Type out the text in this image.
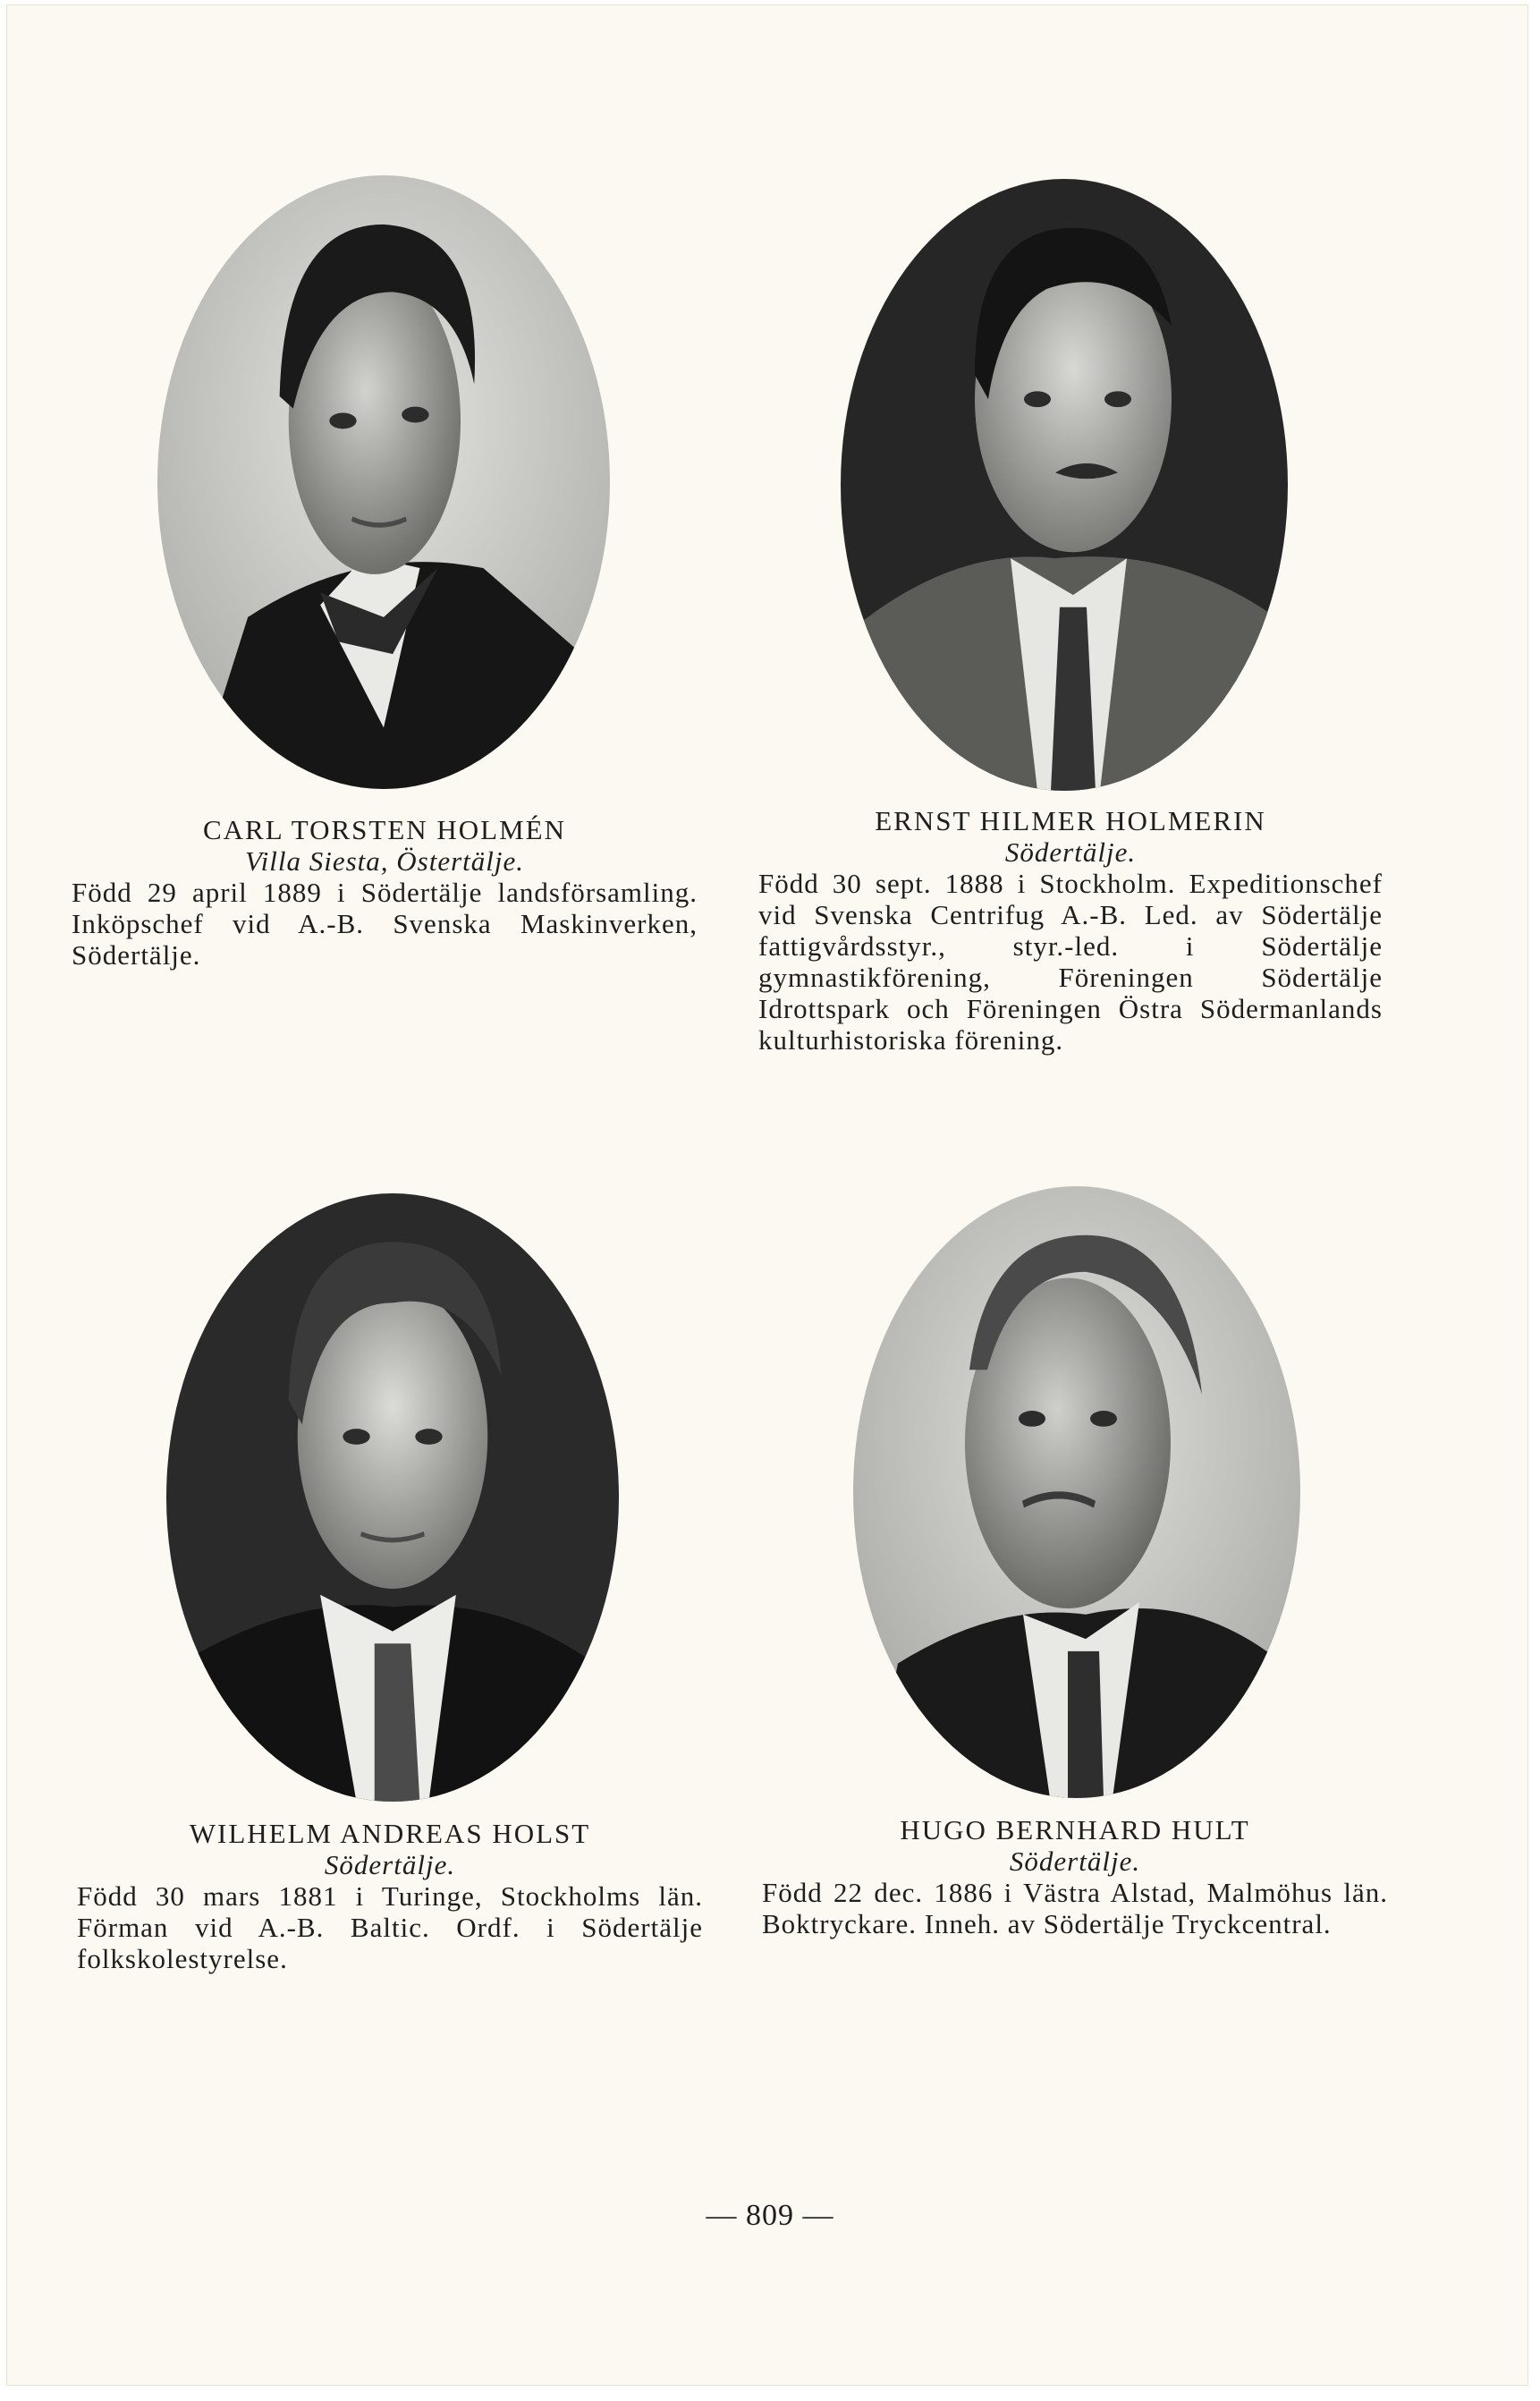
CARL TORSTEN HOLMÉN
Villa Siesta, Östertälje.
Född 29 april 1889 i Södertälje landsförsamling. Inköpschef vid A.-B. Svenska Maskinverken, Södertälje.
ERNST HILMER HOLMERIN
Södertälje.
Född 30 sept. 1888 i Stockholm. Expeditionschef vid Svenska Centrifug A.-B. Led. av Södertälje fattigvårdsstyr., styr.-led. i Södertälje gymnastikförening, Föreningen Södertälje Idrottspark och Föreningen Östra Södermanlands kulturhistoriska förening.
WILHELM ANDREAS HOLST
Södertälje.
Född 30 mars 1881 i Turinge, Stockholms län. Förman vid A.-B. Baltic. Ordf. i Södertälje folkskolestyrelse.
HUGO BERNHARD HULT
Södertälje.
Född 22 dec. 1886 i Västra Alstad, Malmöhus län. Boktryckare. Inneh. av Södertälje Tryckcentral.
— 809 —
